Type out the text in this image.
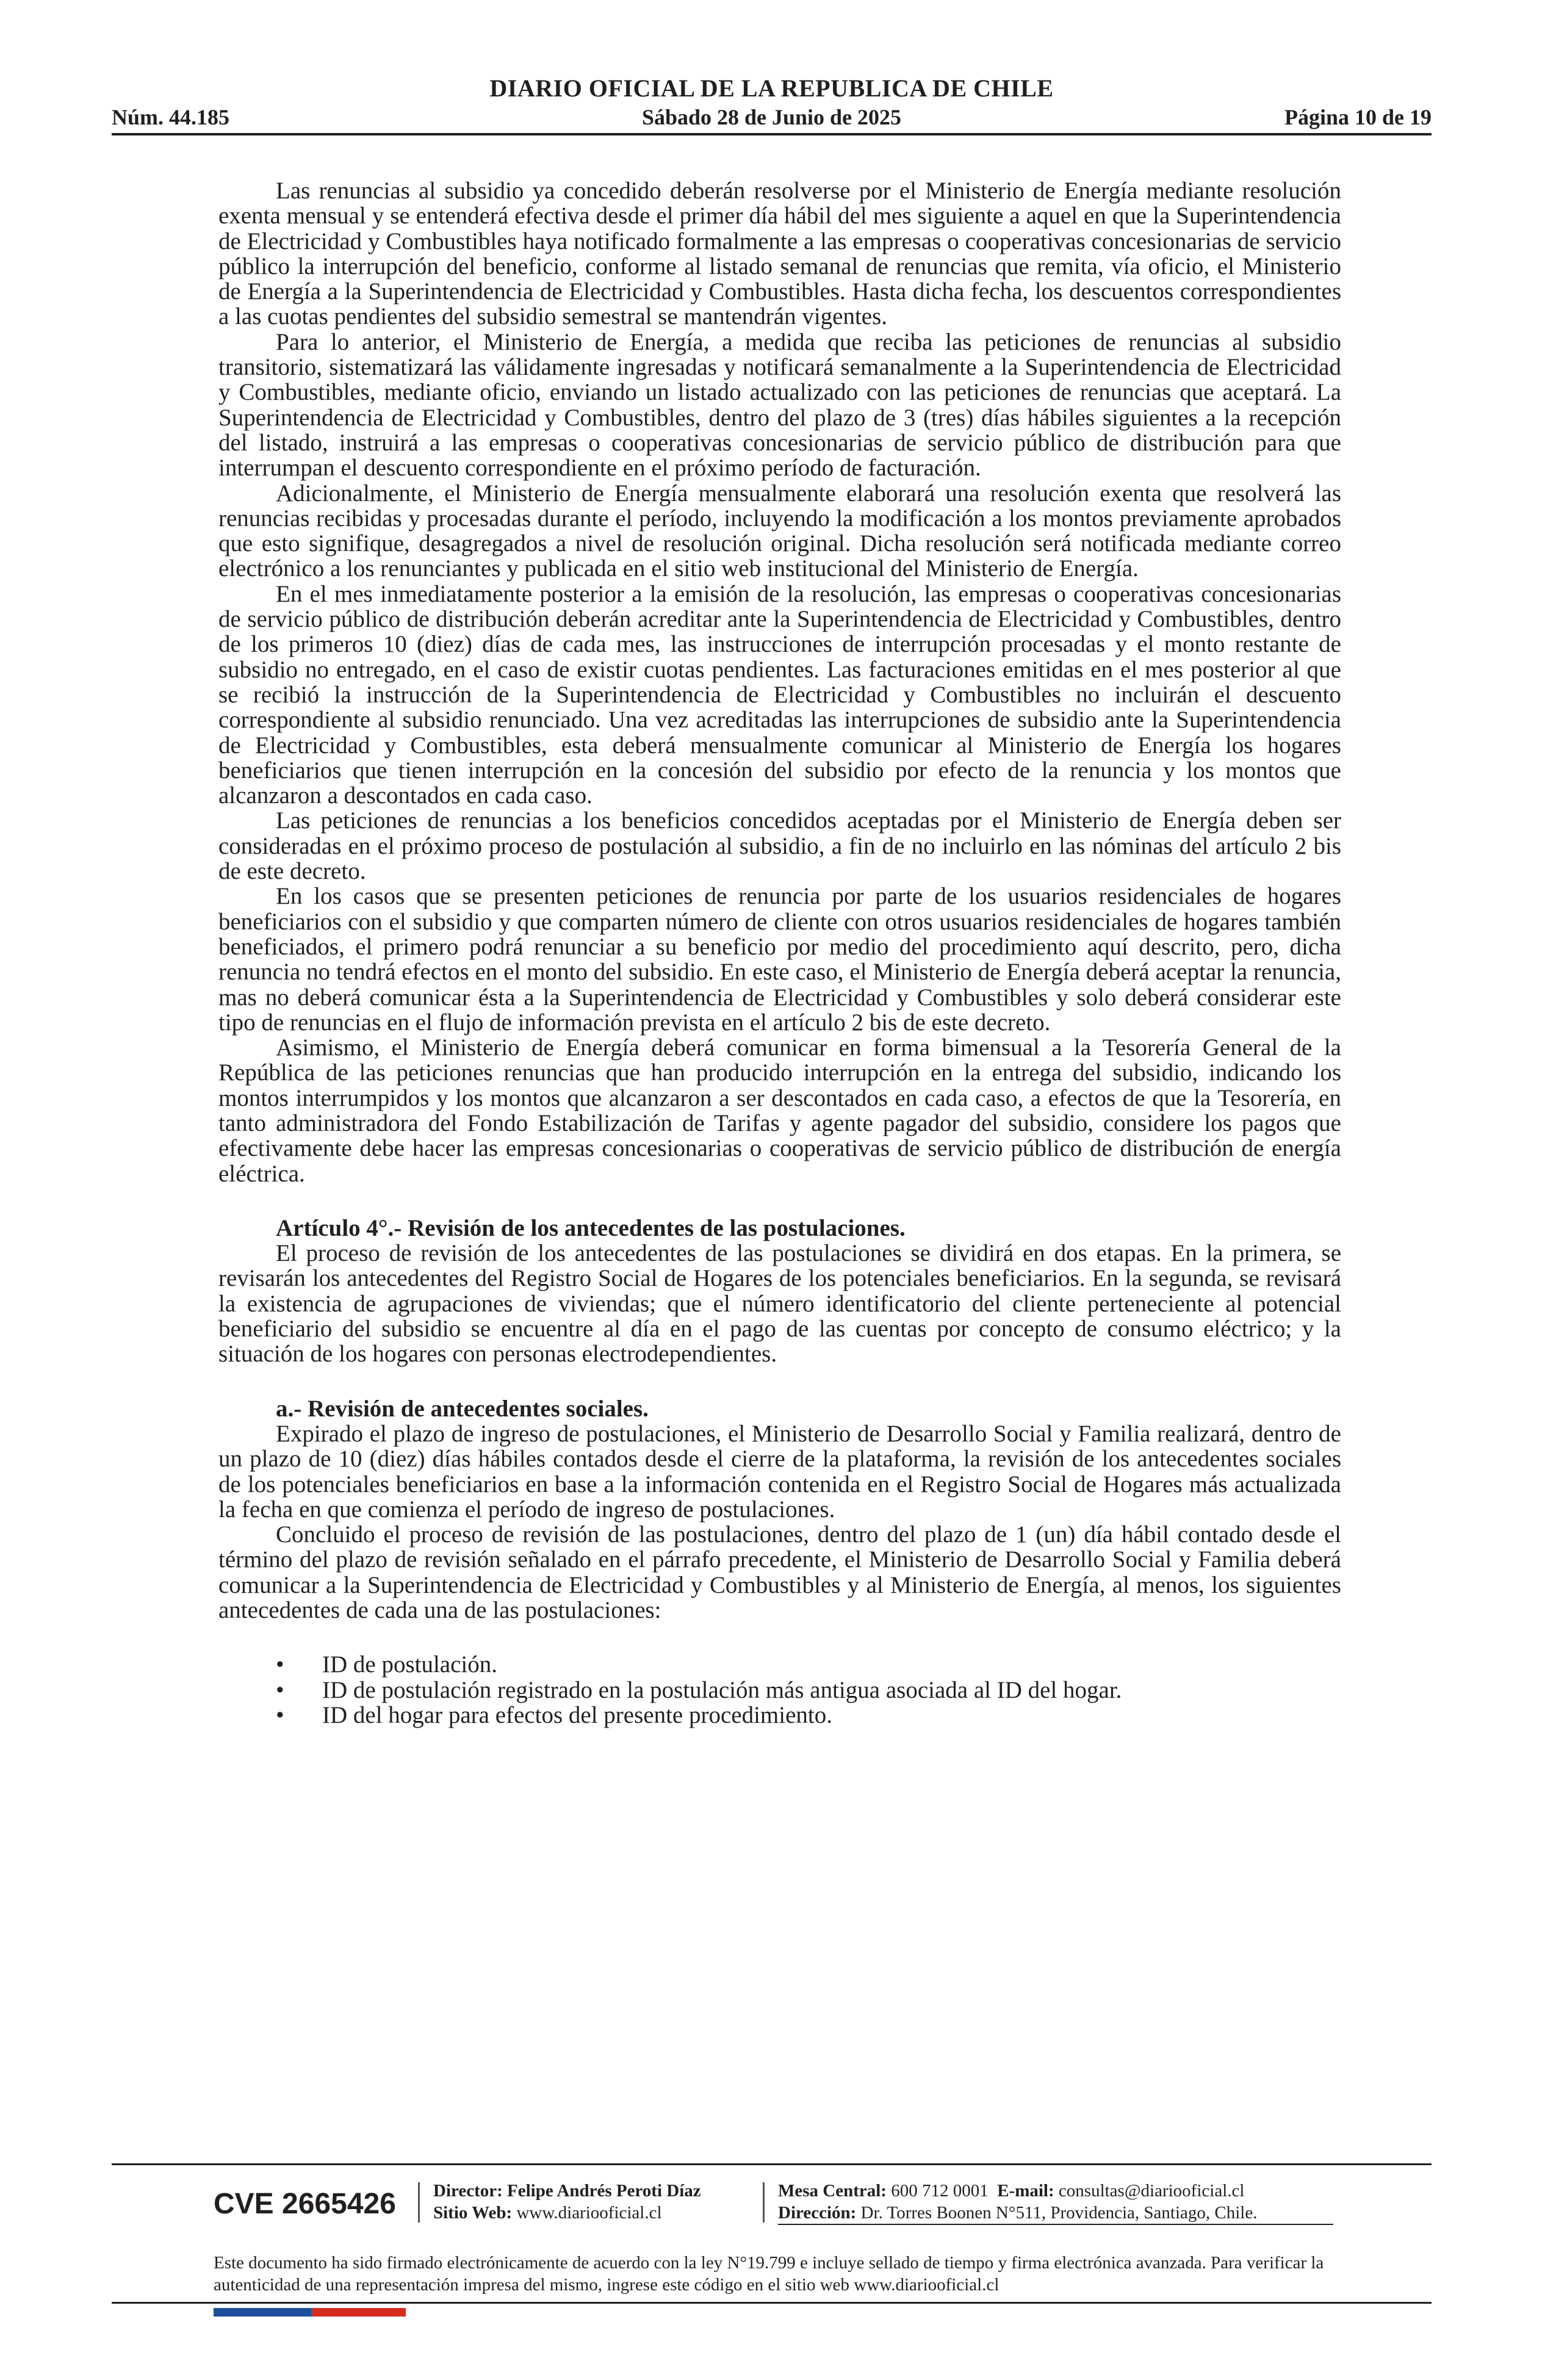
DIARIO OFICIAL DE LA REPUBLICA DE CHILE
Núm. 44.185	Sábado 28 de Junio de 2025	Página 10 de 19

Las renuncias al subsidio ya concedido deberán resolverse por el Ministerio de Energía mediante resolución exenta mensual y se entenderá efectiva desde el primer día hábil del mes siguiente a aquel en que la Superintendencia de Electricidad y Combustibles haya notificado formalmente a las empresas o cooperativas concesionarias de servicio público la interrupción del beneficio, conforme al listado semanal de renuncias que remita, vía oficio, el Ministerio de Energía a la Superintendencia de Electricidad y Combustibles. Hasta dicha fecha, los descuentos correspondientes a las cuotas pendientes del subsidio semestral se mantendrán vigentes.

Para lo anterior, el Ministerio de Energía, a medida que reciba las peticiones de renuncias al subsidio transitorio, sistematizará las válidamente ingresadas y notificará semanalmente a la Superintendencia de Electricidad y Combustibles, mediante oficio, enviando un listado actualizado con las peticiones de renuncias que aceptará. La Superintendencia de Electricidad y Combustibles, dentro del plazo de 3 (tres) días hábiles siguientes a la recepción del listado, instruirá a las empresas o cooperativas concesionarias de servicio público de distribución para que interrumpan el descuento correspondiente en el próximo período de facturación.

Adicionalmente, el Ministerio de Energía mensualmente elaborará una resolución exenta que resolverá las renuncias recibidas y procesadas durante el período, incluyendo la modificación a los montos previamente aprobados que esto signifique, desagregados a nivel de resolución original. Dicha resolución será notificada mediante correo electrónico a los renunciantes y publicada en el sitio web institucional del Ministerio de Energía.

En el mes inmediatamente posterior a la emisión de la resolución, las empresas o cooperativas concesionarias de servicio público de distribución deberán acreditar ante la Superintendencia de Electricidad y Combustibles, dentro de los primeros 10 (diez) días de cada mes, las instrucciones de interrupción procesadas y el monto restante de subsidio no entregado, en el caso de existir cuotas pendientes. Las facturaciones emitidas en el mes posterior al que se recibió la instrucción de la Superintendencia de Electricidad y Combustibles no incluirán el descuento correspondiente al subsidio renunciado. Una vez acreditadas las interrupciones de subsidio ante la Superintendencia de Electricidad y Combustibles, esta deberá mensualmente comunicar al Ministerio de Energía los hogares beneficiarios que tienen interrupción en la concesión del subsidio por efecto de la renuncia y los montos que alcanzaron a descontados en cada caso.

Las peticiones de renuncias a los beneficios concedidos aceptadas por el Ministerio de Energía deben ser consideradas en el próximo proceso de postulación al subsidio, a fin de no incluirlo en las nóminas del artículo 2 bis de este decreto.

En los casos que se presenten peticiones de renuncia por parte de los usuarios residenciales de hogares beneficiarios con el subsidio y que comparten número de cliente con otros usuarios residenciales de hogares también beneficiados, el primero podrá renunciar a su beneficio por medio del procedimiento aquí descrito, pero, dicha renuncia no tendrá efectos en el monto del subsidio. En este caso, el Ministerio de Energía deberá aceptar la renuncia, mas no deberá comunicar ésta a la Superintendencia de Electricidad y Combustibles y solo deberá considerar este tipo de renuncias en el flujo de información prevista en el artículo 2 bis de este decreto.

Asimismo, el Ministerio de Energía deberá comunicar en forma bimensual a la Tesorería General de la República de las peticiones renuncias que han producido interrupción en la entrega del subsidio, indicando los montos interrumpidos y los montos que alcanzaron a ser descontados en cada caso, a efectos de que la Tesorería, en tanto administradora del Fondo Estabilización de Tarifas y agente pagador del subsidio, considere los pagos que efectivamente debe hacer las empresas concesionarias o cooperativas de servicio público de distribución de energía eléctrica.

Artículo 4°.- Revisión de los antecedentes de las postulaciones.

El proceso de revisión de los antecedentes de las postulaciones se dividirá en dos etapas. En la primera, se revisarán los antecedentes del Registro Social de Hogares de los potenciales beneficiarios. En la segunda, se revisará la existencia de agrupaciones de viviendas; que el número identificatorio del cliente perteneciente al potencial beneficiario del subsidio se encuentre al día en el pago de las cuentas por concepto de consumo eléctrico; y la situación de los hogares con personas electrodependientes.

a.- Revisión de antecedentes sociales.

Expirado el plazo de ingreso de postulaciones, el Ministerio de Desarrollo Social y Familia realizará, dentro de un plazo de 10 (diez) días hábiles contados desde el cierre de la plataforma, la revisión de los antecedentes sociales de los potenciales beneficiarios en base a la información contenida en el Registro Social de Hogares más actualizada la fecha en que comienza el período de ingreso de postulaciones.

Concluido el proceso de revisión de las postulaciones, dentro del plazo de 1 (un) día hábil contado desde el término del plazo de revisión señalado en el párrafo precedente, el Ministerio de Desarrollo Social y Familia deberá comunicar a la Superintendencia de Electricidad y Combustibles y al Ministerio de Energía, al menos, los siguientes antecedentes de cada una de las postulaciones:

• ID de postulación.
• ID de postulación registrado en la postulación más antigua asociada al ID del hogar.
• ID del hogar para efectos del presente procedimiento.
CVE 2665426 Director: Felipe Andrés Peroti Díaz
Sitio Web: www.diariooficial.cl
Mesa Central: 600 712 0001 E-mail: consultas@diariooficial.cl
Dirección: Dr. Torres Boonen N°511, Providencia, Santiago, Chile.
Este documento ha sido firmado electrónicamente de acuerdo con la ley N°19.799 e incluye sellado de tiempo y firma electrónica avanzada. Para verificar la autenticidad de una representación impresa del mismo, ingrese este código en el sitio web www.diariooficial.cl
